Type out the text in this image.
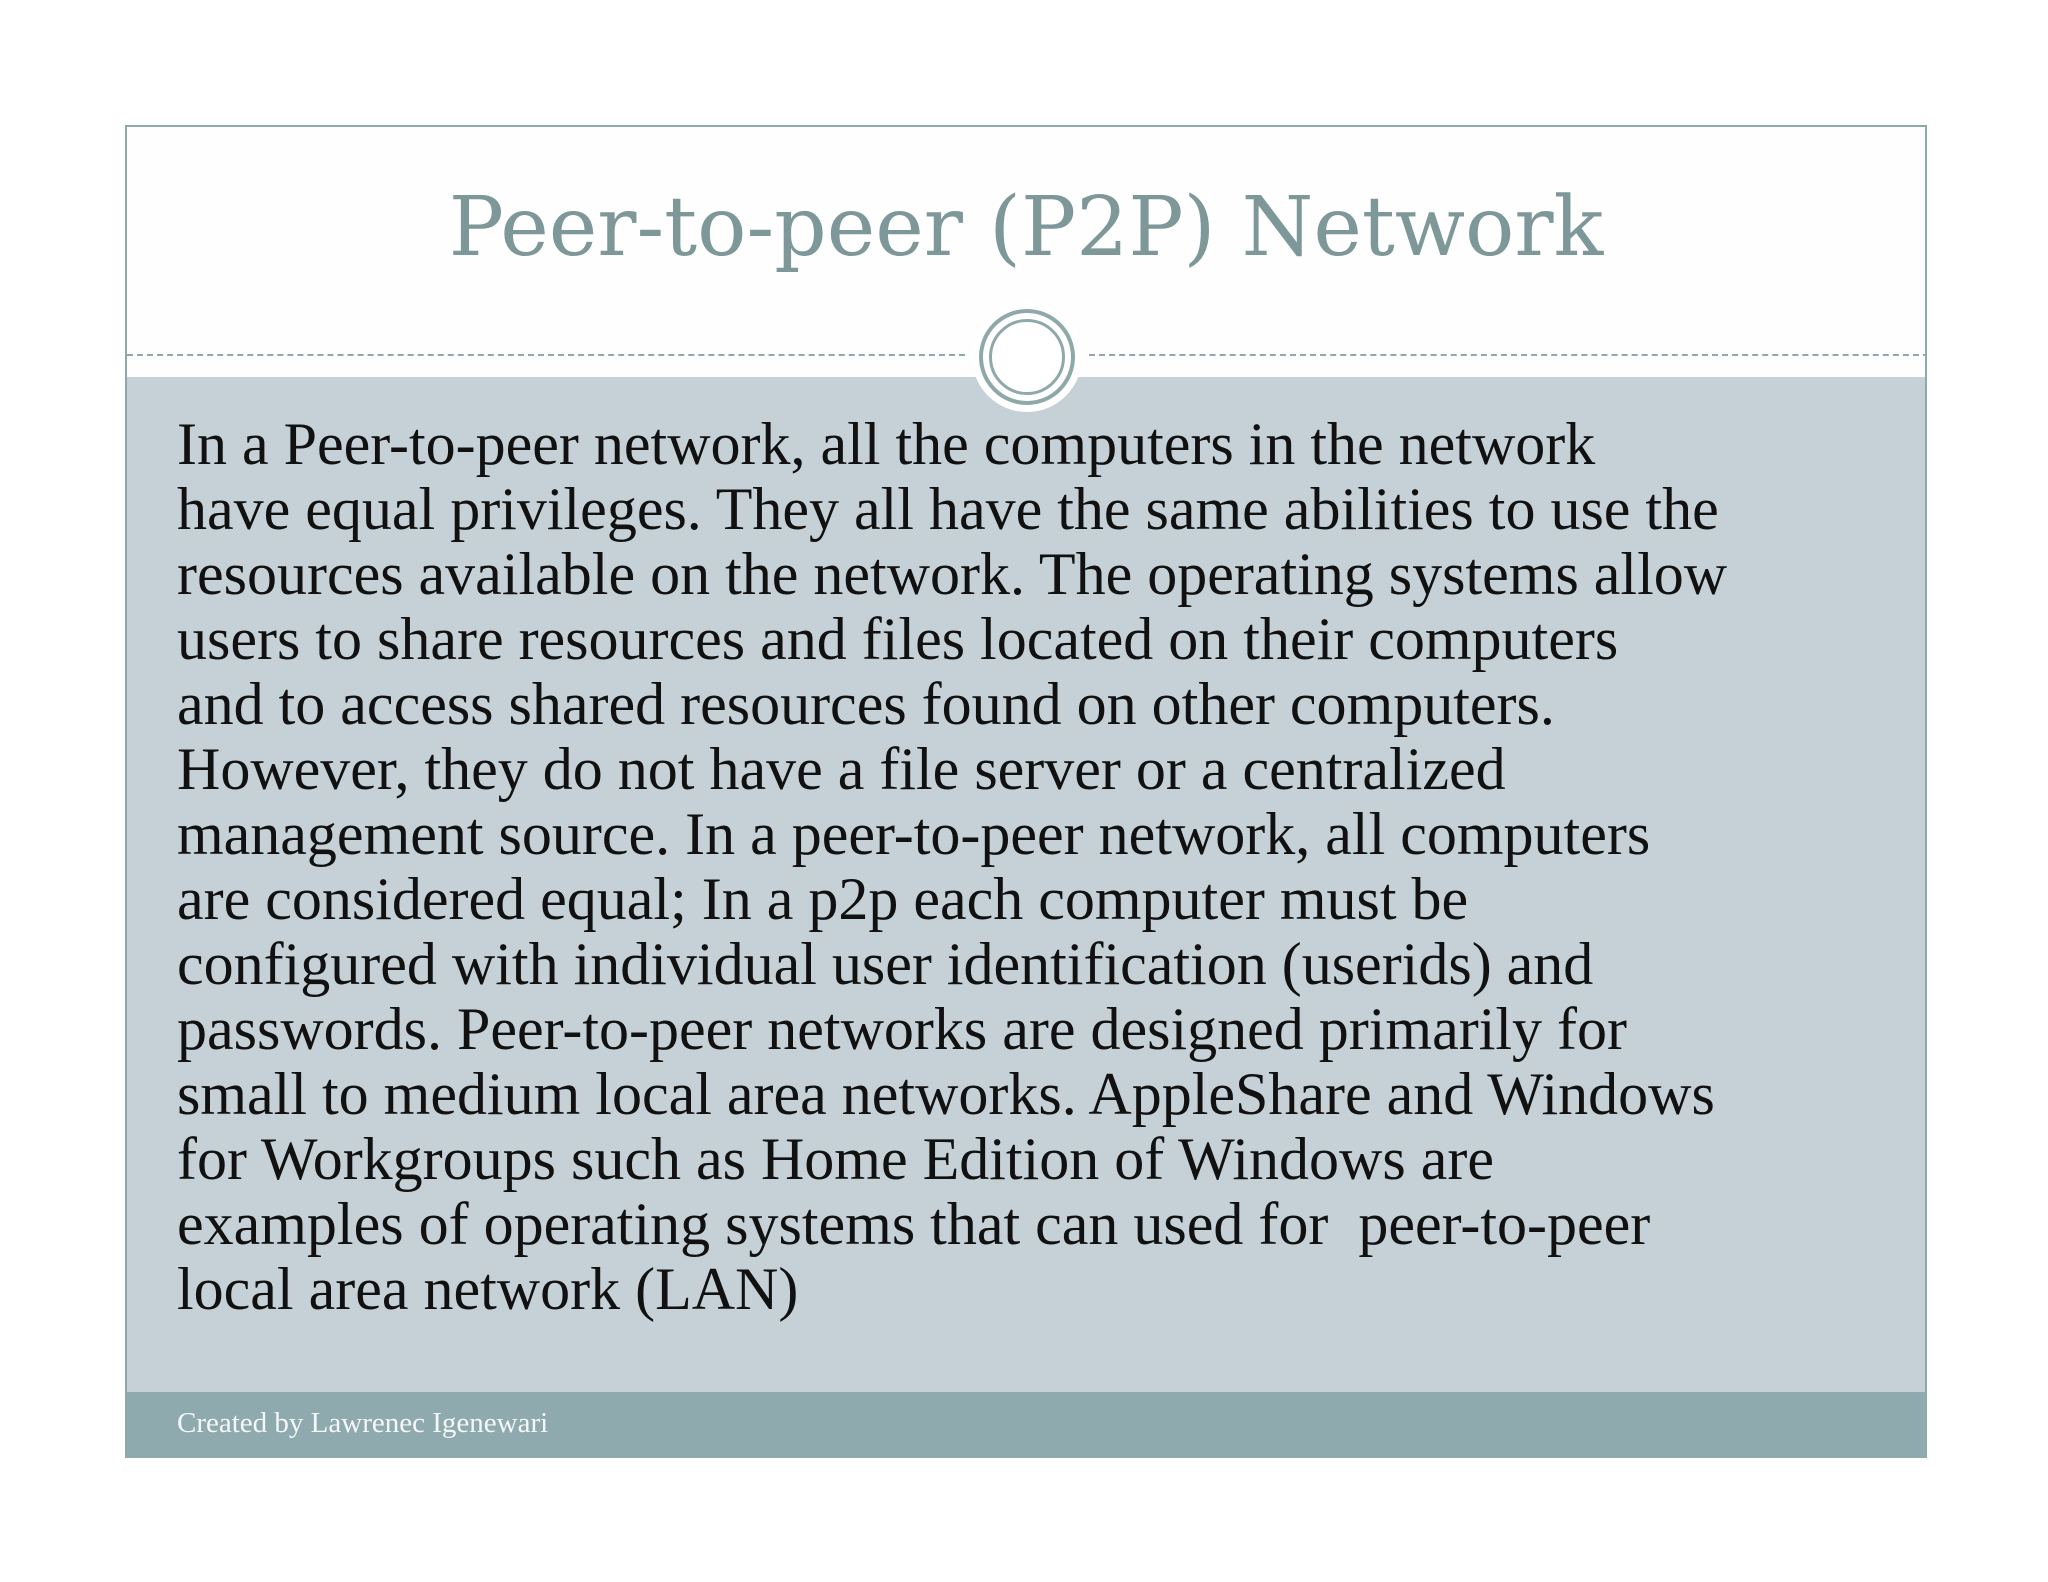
Peer-to-peer (P2P) Network

In a Peer-to-peer network, all the computers in the network
have equal privileges. They all have the same abilities to use the
resources available on the network. The operating systems allow
users to share resources and files located on their computers
and to access shared resources found on other computers.
However, they do not have a file server or a centralized
management source. In a peer-to-peer network, all computers
are considered equal; In a p2p each computer must be
configured with individual user identification (userids) and
passwords. Peer-to-peer networks are designed primarily for
small to medium local area networks. AppleShare and Windows
for Workgroups such as Home Edition of Windows are
examples of operating systems that can used for  peer-to-peer
local area network (LAN)

Created by Lawrenec Igenewari
